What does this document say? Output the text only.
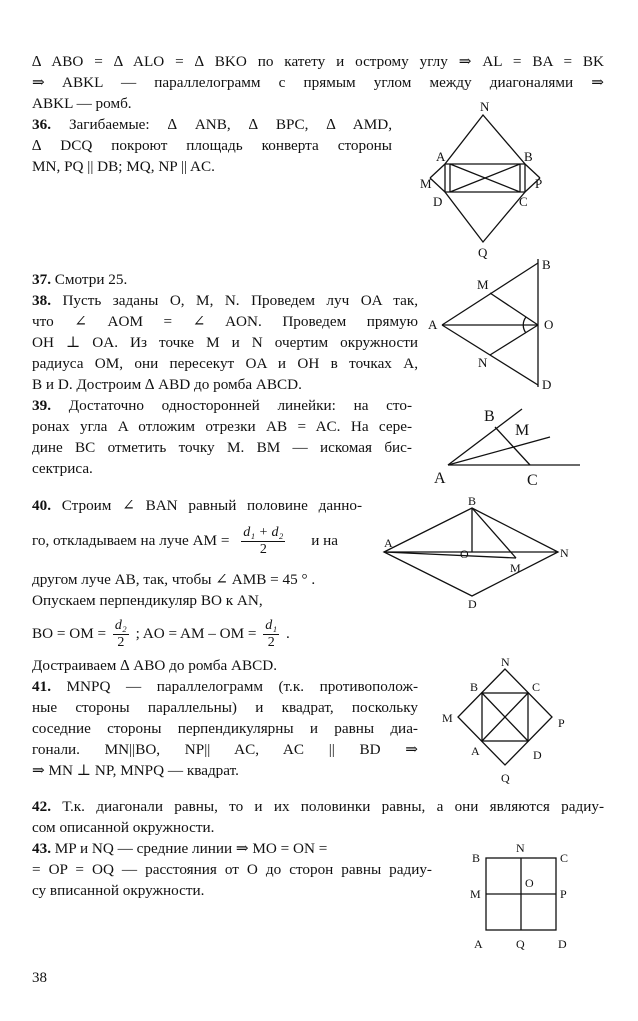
∆ ABO = ∆ ALO = ∆ BKO по катету и острому углу ⇒ AL = BA = BK
⇒ ABKL — параллелограмм с прямым углом между диагоналями ⇒
ABKL — ромб.
36. Загибаемые: ∆ ANB, ∆ BPC, ∆ AMD,
∆ DCQ покроют площадь конверта стороны
MN, PQ || DB; MQ, NP || AC.
N
A	B
M	P
D	C
Q
37. Смотри 25.
38. Пусть заданы O, M, N. Проведем луч OA так,
что ∠ AOM = ∠ AON. Проведем прямую
OH ⊥ OA. Из точке M и N очертим окружности
радиуса OM, они пересекут OA и OH в точках A,
B и D. Достроим ∆ ABD до ромба ABCD.
B
M
A	O
N
D
39. Достаточно односторонней линейки: на сто-
ронах угла A отложим отрезки AB = AC. На сере-
дине BC отметить точку M. BM — искомая бис-
сектриса.
B
M
A	C
40. Строим ∠ BAN равный половине данно-
го, откладываем на луче AM = $\frac{\text{d₁ + d₂}}{2}$ и на
другом луче AB, так, чтобы ∠ AMB = 45 ° .
Опускаем перпендикуляр BO к AN,
BO = OM = $\frac{\text{d₂}}{2}$ ; AO = AM – OM = $\frac{\text{d₁}}{2}$ .
Достраиваем ∆ ABO до ромба ABCD.
B
A
O	N
M
D
41. MNPQ — параллелограмм (т.к. противополож-
ные стороны параллельны) и квадрат, поскольку
соседние стороны перпендикулярны и равны диа-
гонали. MN||BO, NP|| AC, AC || BD ⇒
⇒ MN ⊥ NP, MNPQ — квадрат.
N
B	C
M	P
A	D
Q
42. Т.к. диагонали равны, то и их половинки равны, а они являются радиу-
сом описанной окружности.
43. MP и NQ — средние линии ⇒ MO = ON =
= OP = OQ — расстояния от O до сторон равны радиу-
су вписанной окружности.
B
N
C
O
M	P
A	Q	D
38
